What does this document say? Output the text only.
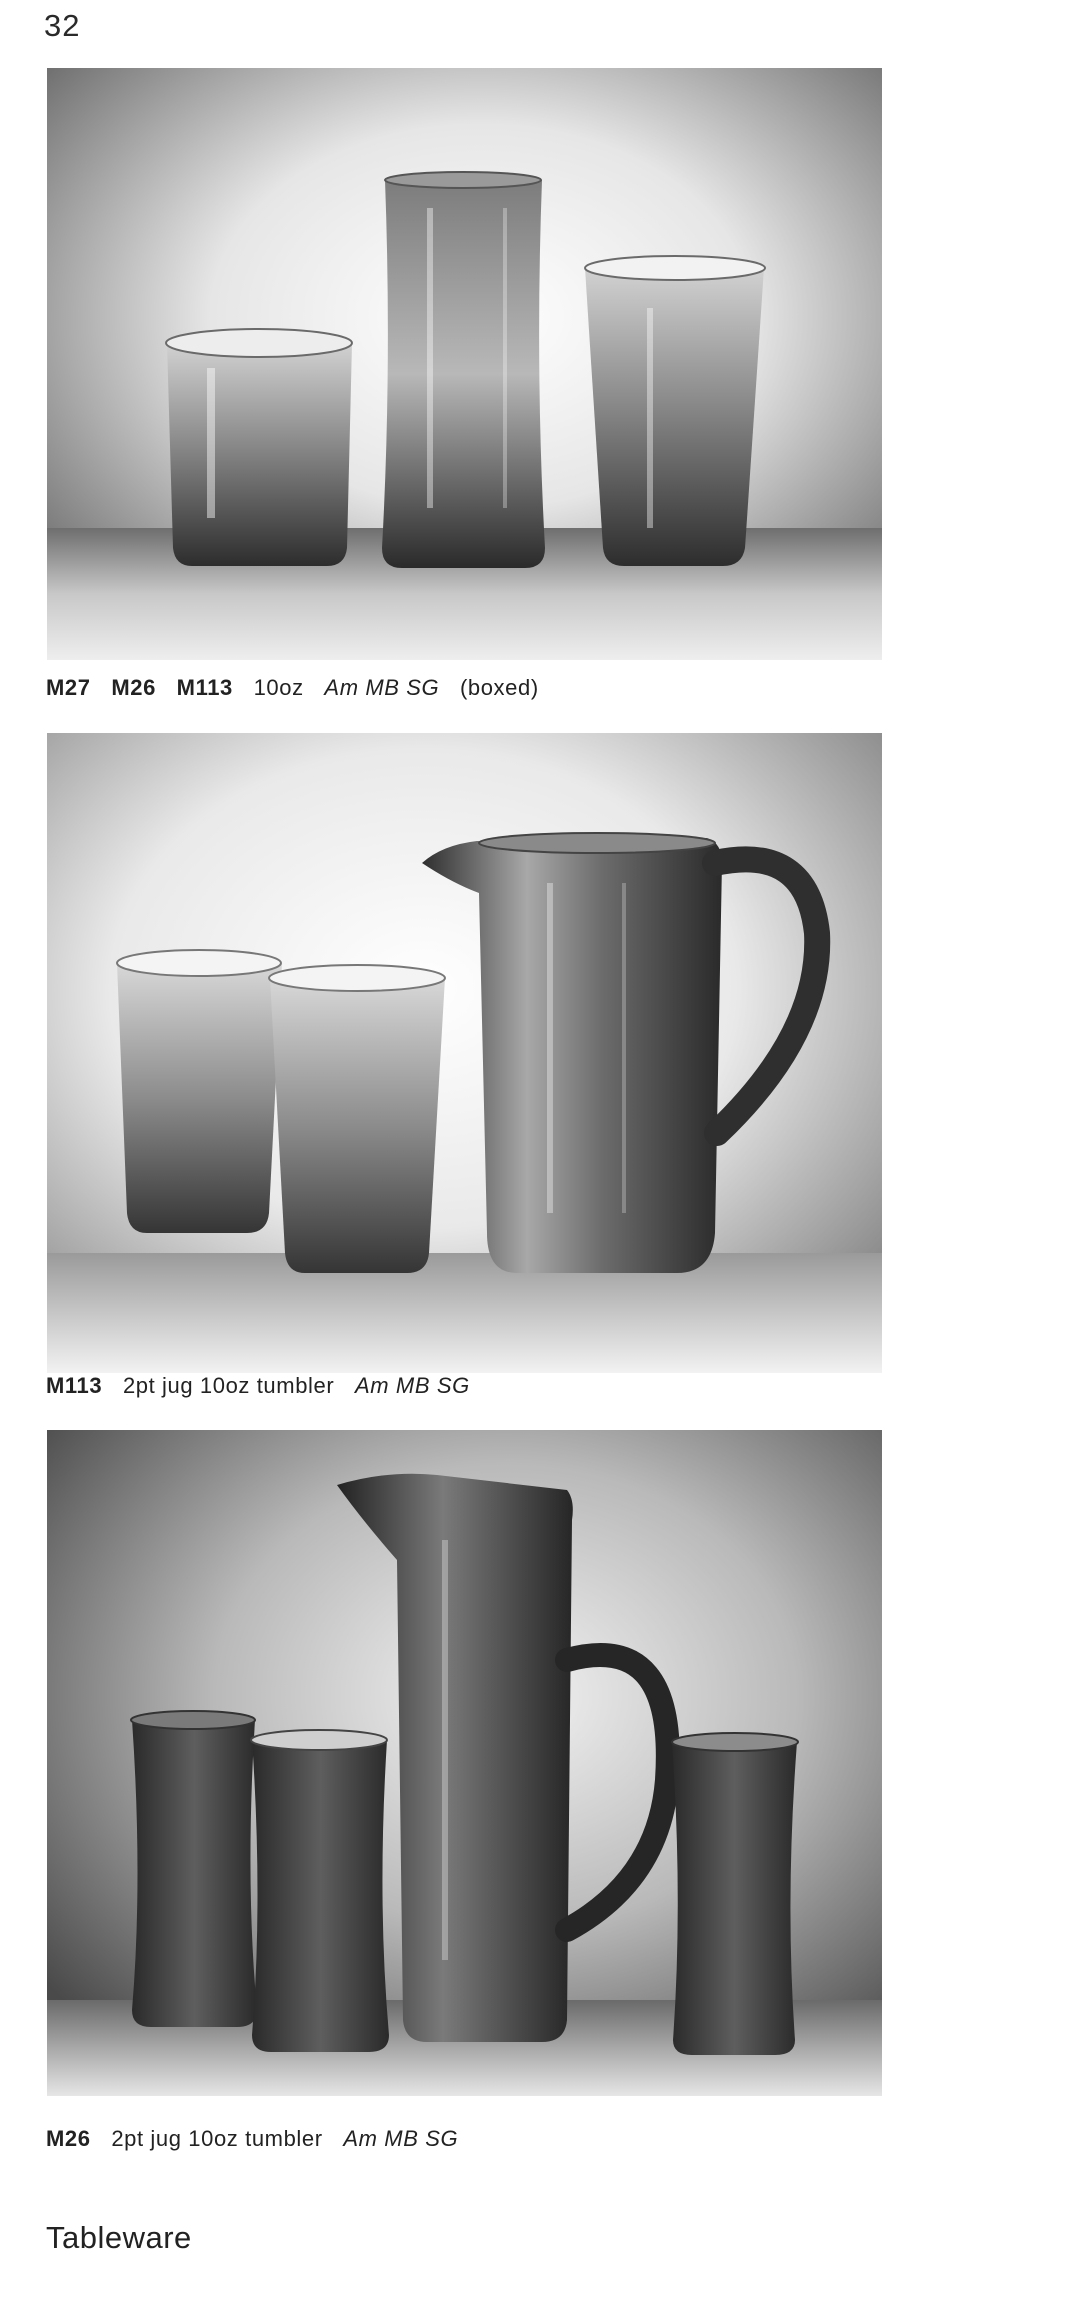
32
M27 M26 M113 10oz Am MB SG (boxed)
M113 2pt jug 10oz tumbler Am MB SG
M26 2pt jug 10oz tumbler Am MB SG
Tableware
